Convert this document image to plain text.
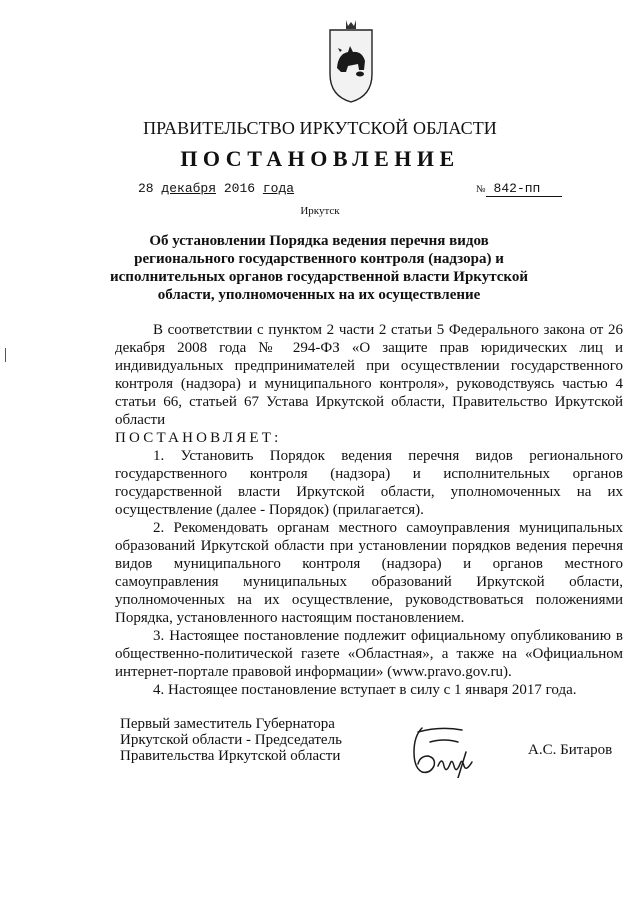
ПРАВИТЕЛЬСТВО ИРКУТСКОЙ ОБЛАСТИ
ПОСТАНОВЛЕНИЕ
28 декабря 2016 года	№ 842-пп
Иркутск
Об установлении Порядка ведения перечня видов регионального государственного контроля (надзора) и исполнительных органов государственной власти Иркутской области, уполномоченных на их осуществление

В соответствии с пунктом 2 части 2 статьи 5 Федерального закона от 26 декабря 2008 года № 294-ФЗ «О защите прав юридических лиц и индивидуальных предпринимателей при осуществлении государственного контроля (надзора) и муниципального контроля», руководствуясь частью 4 статьи 66, статьей 67 Устава Иркутской области, Правительство Иркутской области

ПОСТАНОВЛЯЕТ:

1. Установить Порядок ведения перечня видов регионального государственного контроля (надзора) и исполнительных органов государственной власти Иркутской области, уполномоченных на их осуществление (далее - Порядок) (прилагается).

2. Рекомендовать органам местного самоуправления муниципальных образований Иркутской области при установлении порядков ведения перечня видов муниципального контроля (надзора) и органов местного самоуправления муниципальных образований Иркутской области, уполномоченных на их осуществление, руководствоваться положениями Порядка, установленного настоящим постановлением.

3. Настоящее постановление подлежит официальному опубликованию в общественно-политической газете «Областная», а также на «Официальном интернет-портале правовой информации» (www.pravo.gov.ru).

4. Настоящее постановление вступает в силу с 1 января 2017 года.

Первый заместитель Губернатора
Иркутской области - Председатель
Правительства Иркутской области	А.С. Битаров
